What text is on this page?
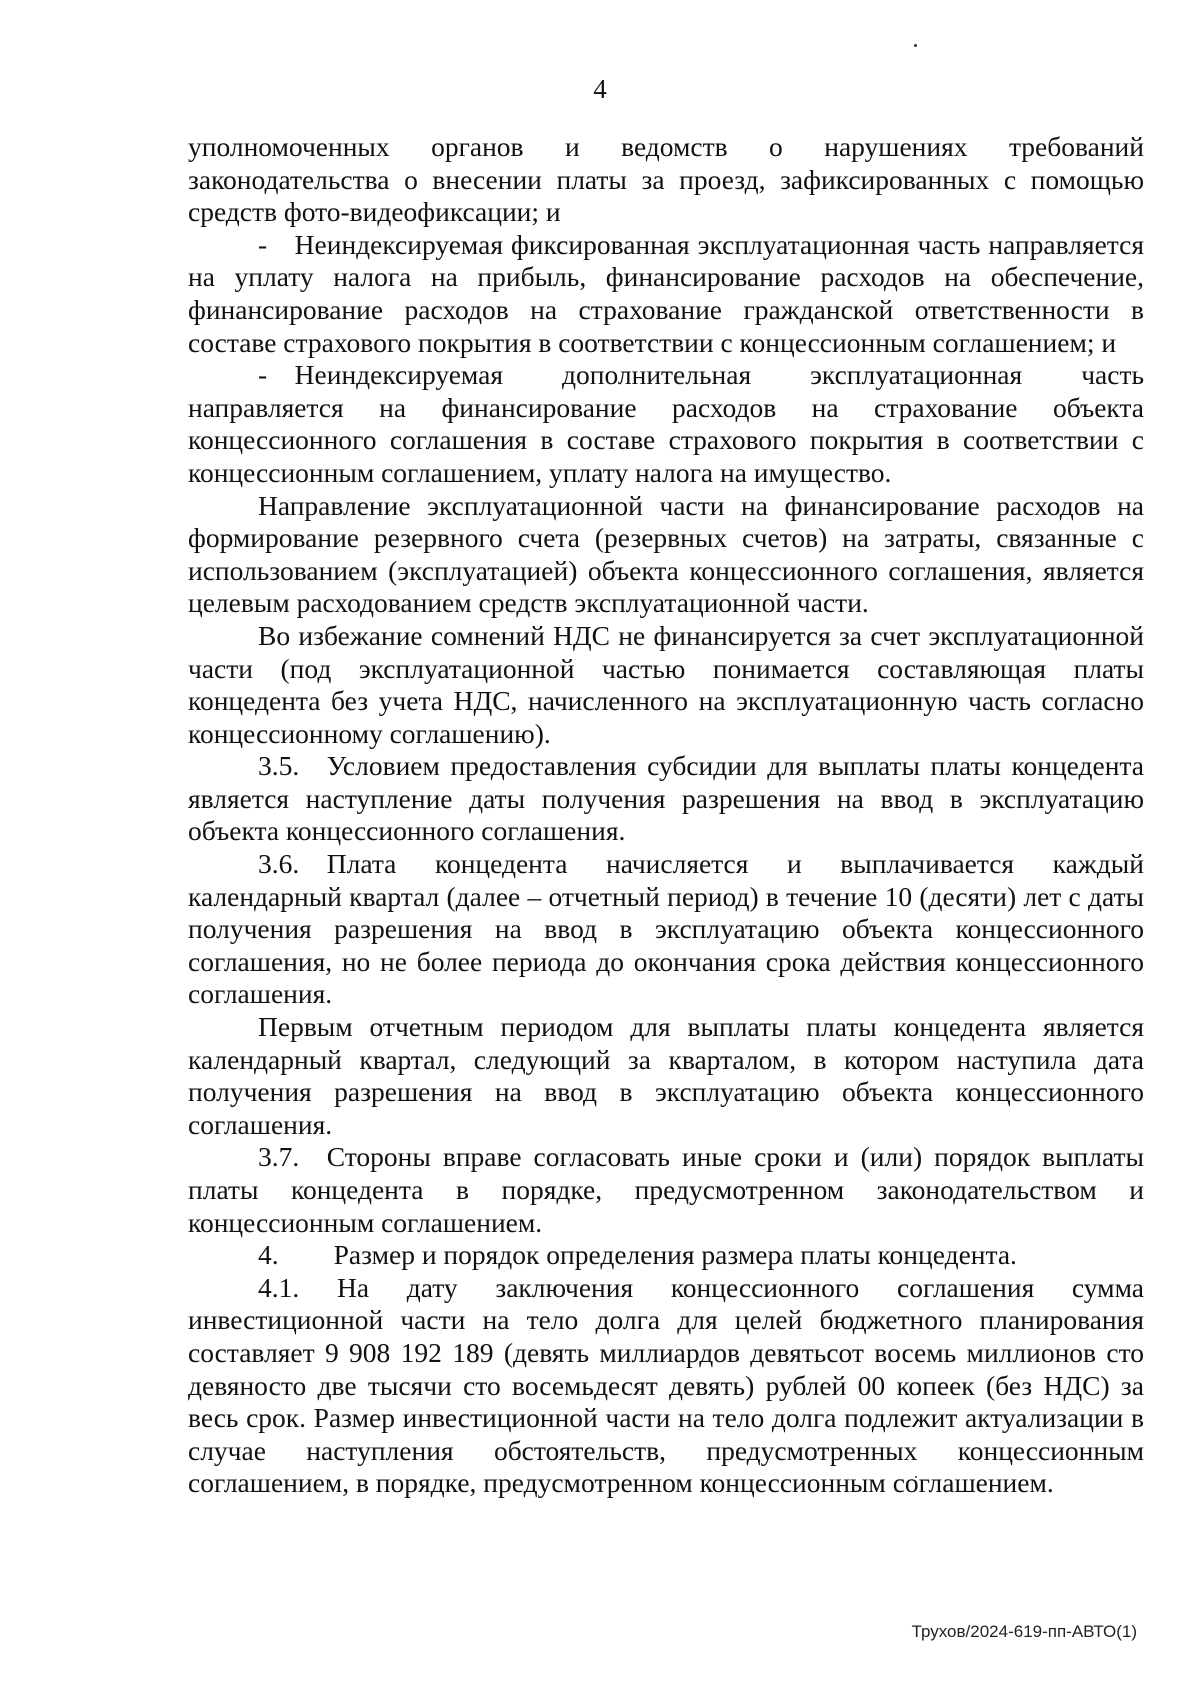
4

уполномоченных органов и ведомств о нарушениях требований законодательства о внесении платы за проезд, зафиксированных с помощью средств фото-видеофиксации; и

- Неиндексируемая фиксированная эксплуатационная часть направляется на уплату налога на прибыль, финансирование расходов на обеспечение, финансирование расходов на страхование гражданской ответственности в составе страхового покрытия в соответствии с концессионным соглашением; и

- Неиндексируемая дополнительная эксплуатационная часть направляется на финансирование расходов на страхование объекта концессионного соглашения в составе страхового покрытия в соответствии с концессионным соглашением, уплату налога на имущество.

Направление эксплуатационной части на финансирование расходов на формирование резервного счета (резервных счетов) на затраты, связанные с использованием (эксплуатацией) объекта концессионного соглашения, является целевым расходованием средств эксплуатационной части.

Во избежание сомнений НДС не финансируется за счет эксплуатационной части (под эксплуатационной частью понимается составляющая платы концедента без учета НДС, начисленного на эксплуатационную часть согласно концессионному соглашению).

3.5. Условием предоставления субсидии для выплаты платы концедента является наступление даты получения разрешения на ввод в эксплуатацию объекта концессионного соглашения.

3.6. Плата концедента начисляется и выплачивается каждый календарный квартал (далее – отчетный период) в течение 10 (десяти) лет с даты получения разрешения на ввод в эксплуатацию объекта концессионного соглашения, но не более периода до окончания срока действия концессионного соглашения.

Первым отчетным периодом для выплаты платы концедента является календарный квартал, следующий за кварталом, в котором наступила дата получения разрешения на ввод в эксплуатацию объекта концессионного соглашения.

3.7. Стороны вправе согласовать иные сроки и (или) порядок выплаты платы концедента в порядке, предусмотренном законодательством и концессионным соглашением.

4.  Размер и порядок определения размера платы концедента.

4.1. На дату заключения концессионного соглашения сумма инвестиционной части на тело долга для целей бюджетного планирования составляет 9 908 192 189 (девять миллиардов девятьсот восемь миллионов сто девяносто две тысячи сто восемьдесят девять) рублей 00 копеек (без НДС) за весь срок. Размер инвестиционной части на тело долга подлежит актуализации в случае наступления обстоятельств, предусмотренных концессионным соглашением, в порядке, предусмотренном концессионным соглашением.

Трухов/2024-619-пп-АВТО(1)
